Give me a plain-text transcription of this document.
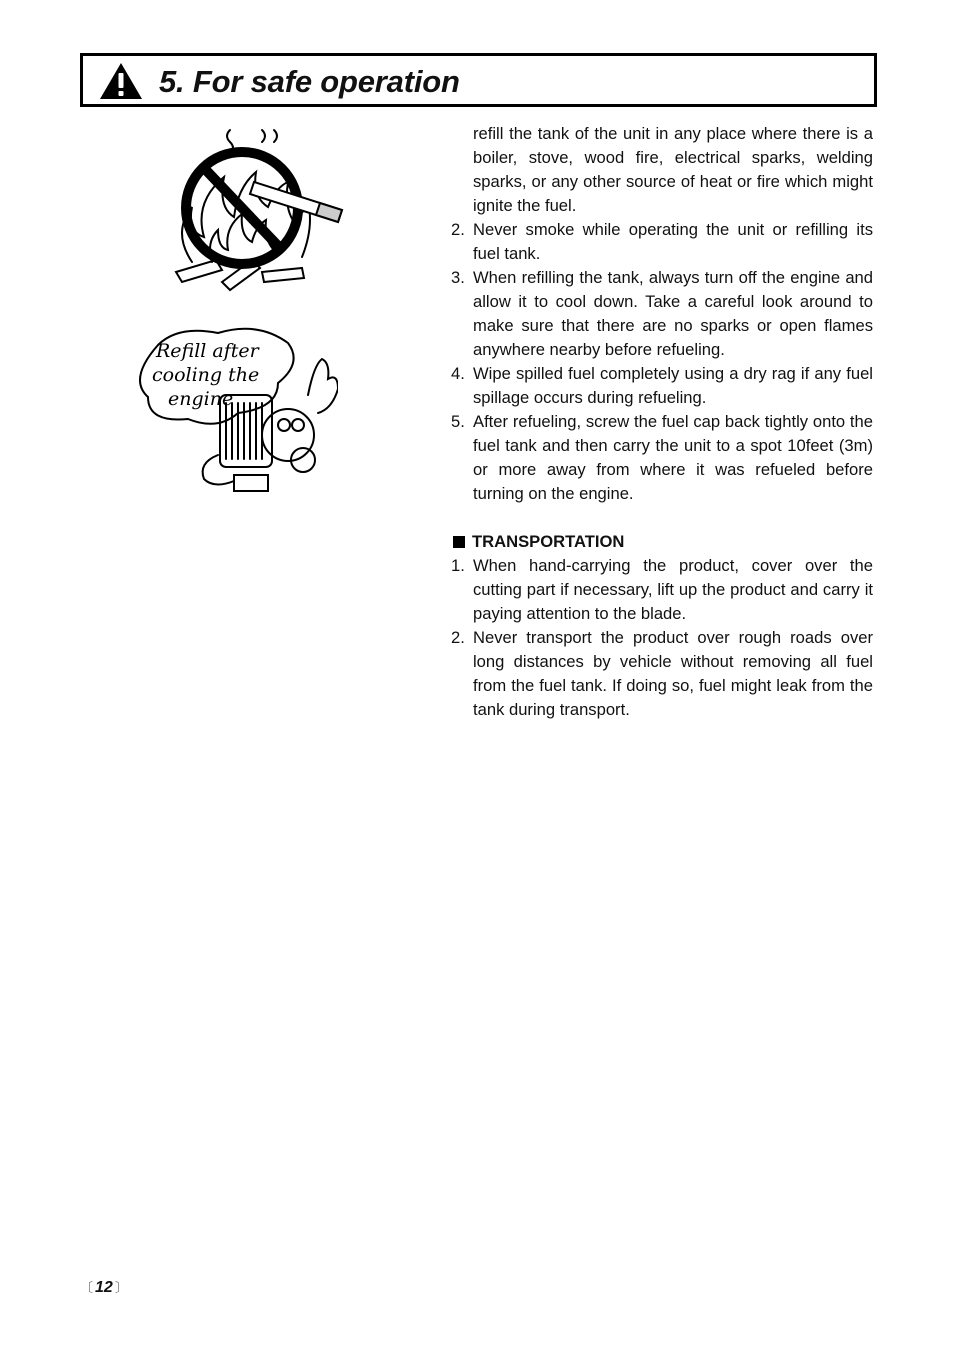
5. For safe operation
Refill after
cooling the
engine
refill the tank of the unit in any place where there is a boiler, stove, wood fire, electrical sparks, welding sparks, or any other source of heat or fire which might ignite the fuel.
2. Never smoke while operating the unit or refilling its fuel tank.
3. When refilling the tank, always turn off the engine and allow it to cool down. Take a careful look around to make sure that there are no sparks or open flames anywhere nearby before refueling.
4. Wipe spilled fuel completely using a dry rag if any fuel spillage occurs during refueling.
5. After refueling, screw the fuel cap back tightly onto the fuel tank and then carry the unit to a spot 10feet (3m) or more away from where it was refueled before turning on the engine.
TRANSPORTATION
1. When hand-carrying the product, cover over the cutting part if necessary, lift up the product and carry it paying attention to the blade.
2. Never transport the product over rough roads over long distances by vehicle without removing all fuel from the fuel tank. If doing so, fuel might leak from the tank during transport.
〔 12 〕
